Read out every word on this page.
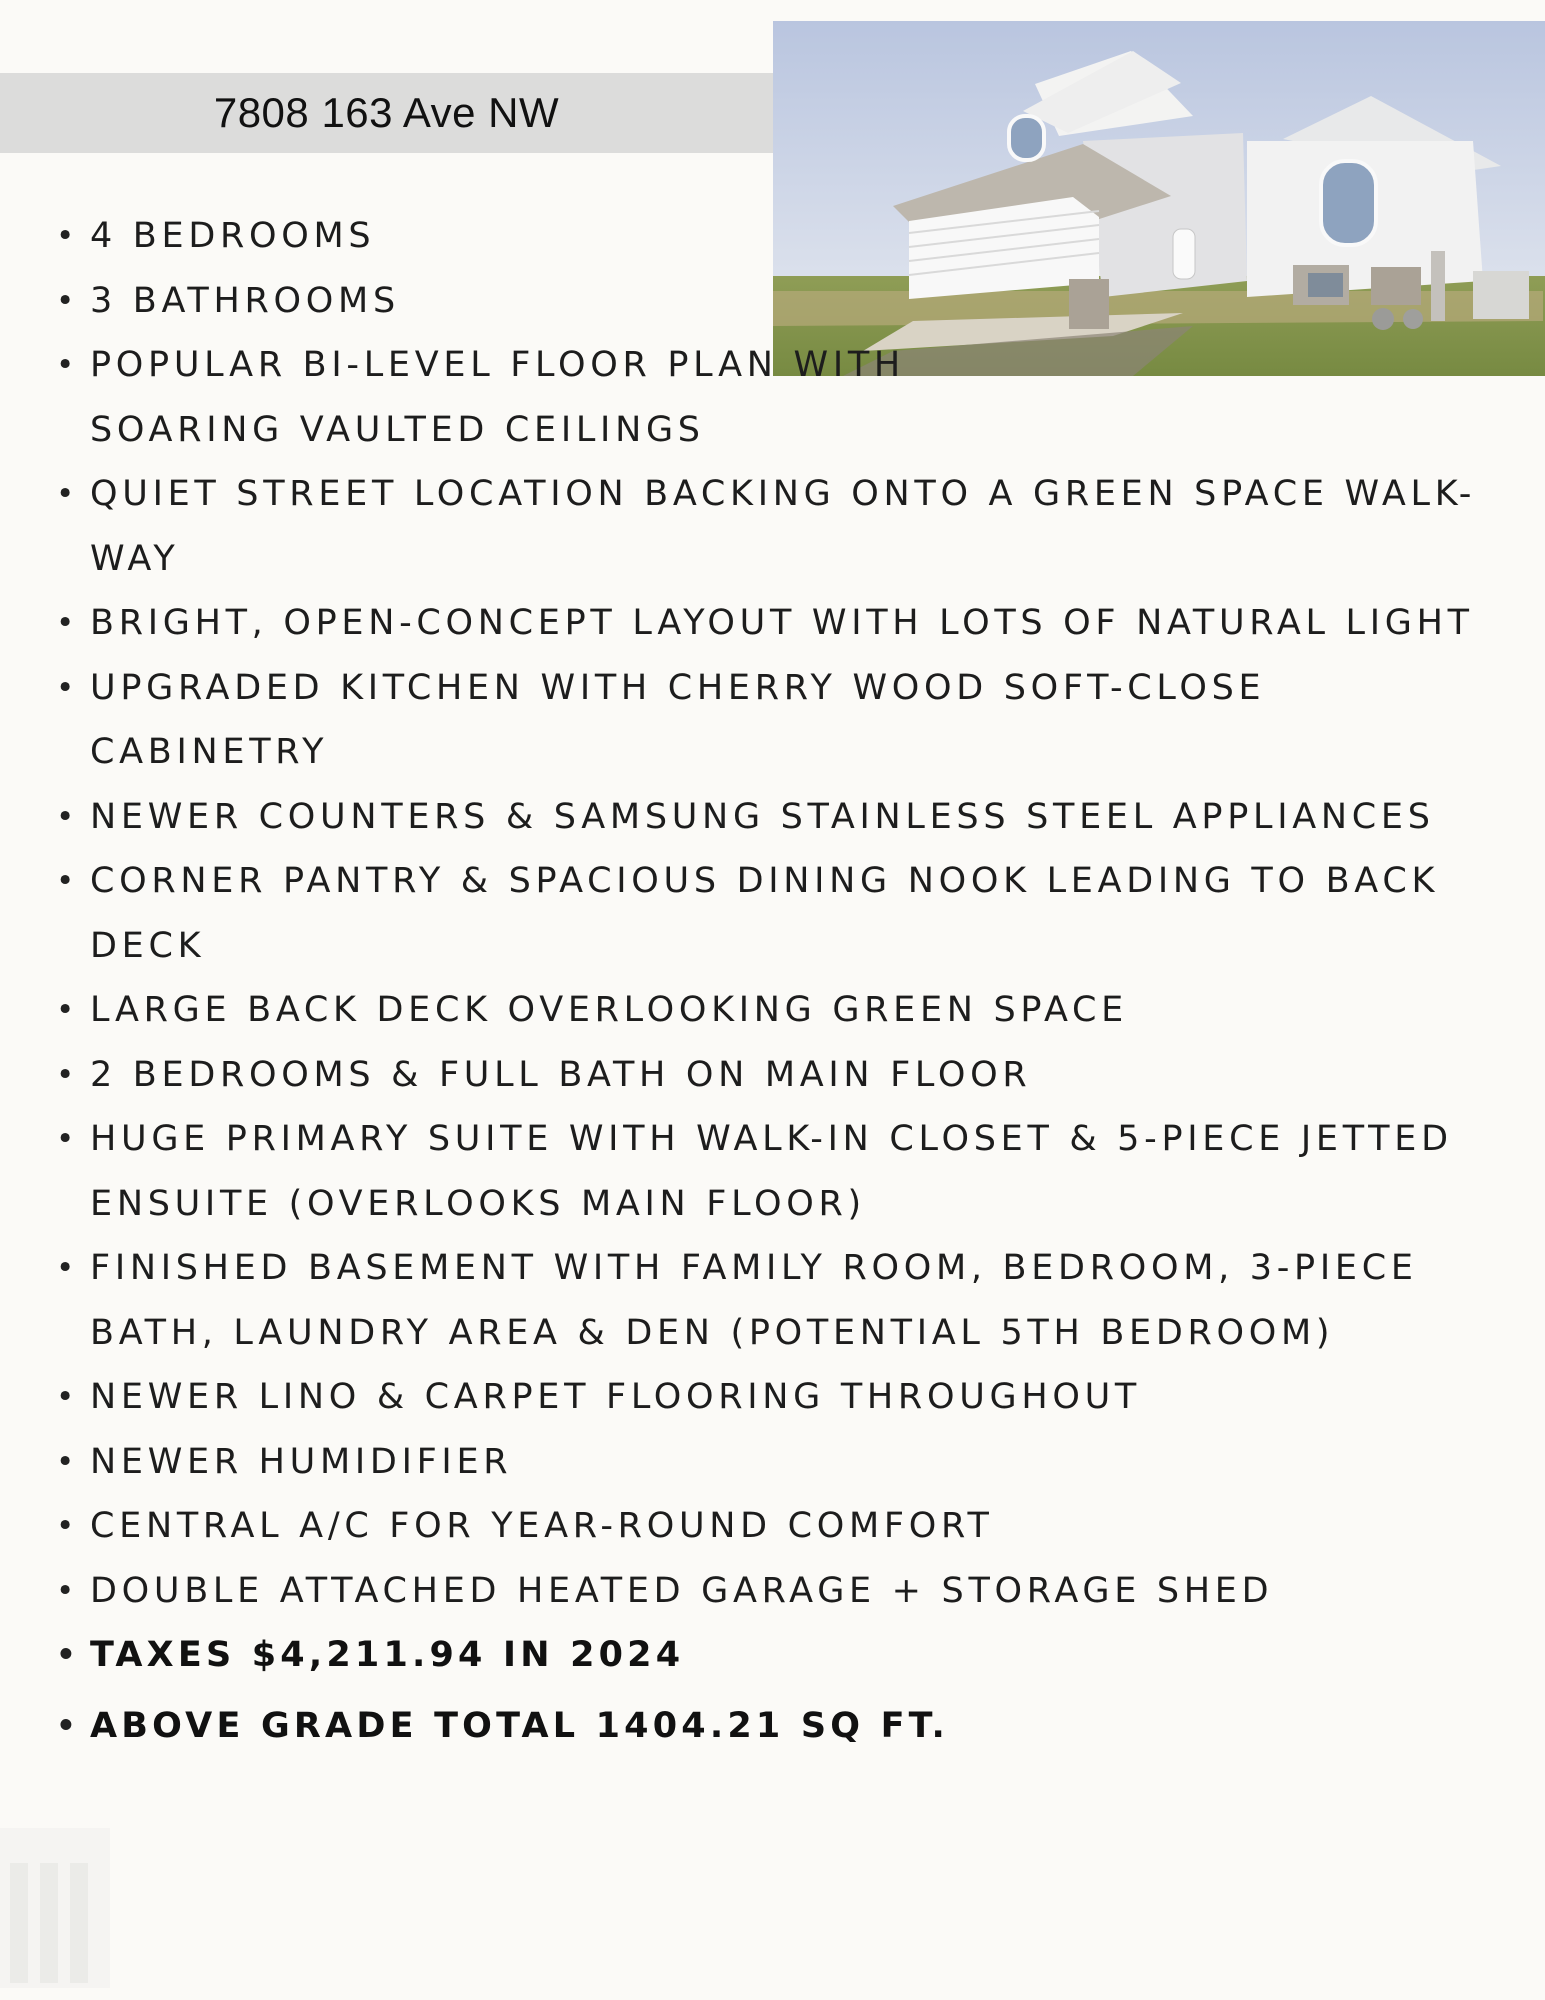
7808 163 Ave NW
• 4 BEDROOMS
• 3 BATHROOMS
• POPULAR BI-LEVEL FLOOR PLAN WITH SOARING VAULTED CEILINGS
• QUIET STREET LOCATION BACKING ONTO A GREEN SPACE WALK-WAY
• BRIGHT, OPEN-CONCEPT LAYOUT WITH LOTS OF NATURAL LIGHT
• UPGRADED KITCHEN WITH CHERRY WOOD SOFT-CLOSE CABINETRY
• NEWER COUNTERS & SAMSUNG STAINLESS STEEL APPLIANCES
• CORNER PANTRY & SPACIOUS DINING NOOK LEADING TO BACK DECK
• LARGE BACK DECK OVERLOOKING GREEN SPACE
• 2 BEDROOMS & FULL BATH ON MAIN FLOOR
• HUGE PRIMARY SUITE WITH WALK-IN CLOSET & 5-PIECE JETTED ENSUITE (OVERLOOKS MAIN FLOOR)
• FINISHED BASEMENT WITH FAMILY ROOM, BEDROOM, 3-PIECE BATH, LAUNDRY AREA & DEN (POTENTIAL 5TH BEDROOM)
• NEWER LINO & CARPET FLOORING THROUGHOUT
• NEWER HUMIDIFIER
• CENTRAL A/C FOR YEAR-ROUND COMFORT
• DOUBLE ATTACHED HEATED GARAGE + STORAGE SHED
• TAXES $4,211.94 IN 2024
• ABOVE GRADE TOTAL 1404.21 SQ FT.
